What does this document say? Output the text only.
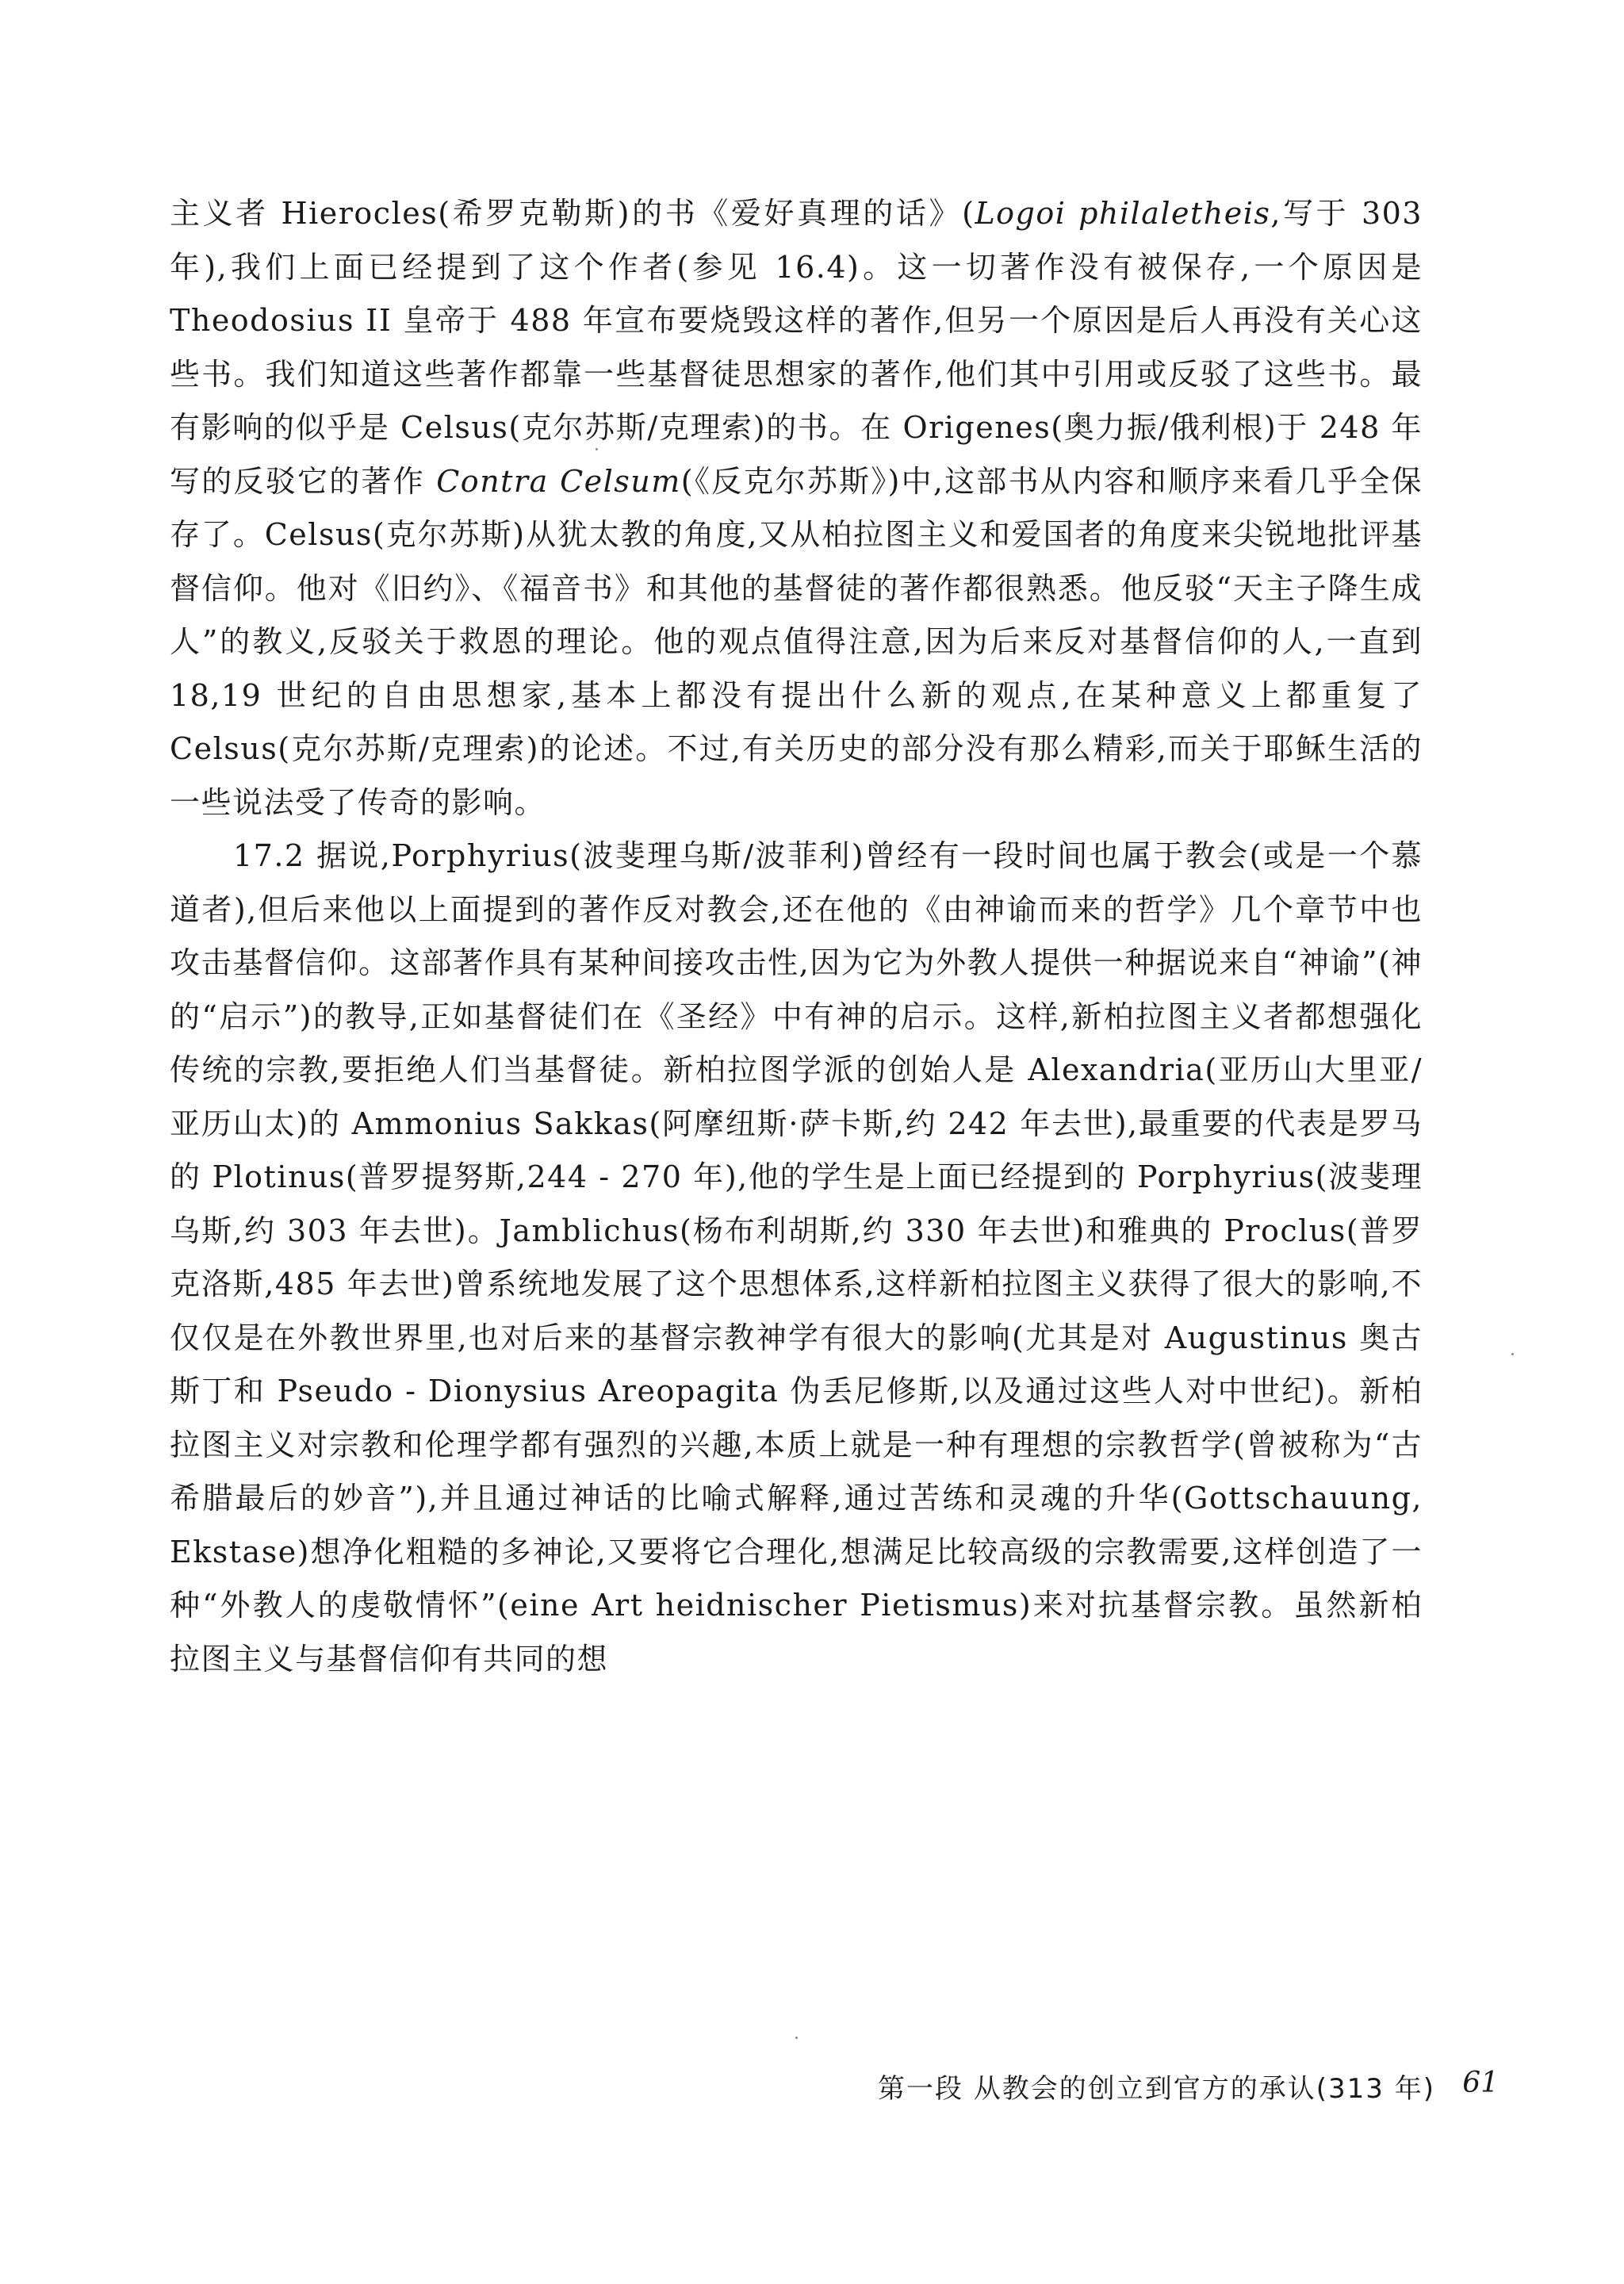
主义者 Hierocles(希罗克勒斯)的书《爱好真理的话》(Logoi philaletheis,写于 303 年),我们上面已经提到了这个作者(参见 16.4)。这一切著作没有被保存,一个原因是 Theodosius II 皇帝于 488 年宣布要烧毁这样的著作,但另一个原因是后人再没有关心这些书。我们知道这些著作都靠一些基督徒思想家的著作,他们其中引用或反驳了这些书。最有影响的似乎是 Celsus(克尔苏斯/克理索)的书。在 Origenes(奥力振/俄利根)于 248 年写的反驳它的著作 Contra Celsum(《反克尔苏斯》)中,这部书从内容和顺序来看几乎全保存了。Celsus(克尔苏斯)从犹太教的角度,又从柏拉图主义和爱国者的角度来尖锐地批评基督信仰。他对《旧约》、《福音书》和其他的基督徒的著作都很熟悉。他反驳“天主子降生成人”的教义,反驳关于救恩的理论。他的观点值得注意,因为后来反对基督信仰的人,一直到 18,19 世纪的自由思想家,基本上都没有提出什么新的观点,在某种意义上都重复了 Celsus(克尔苏斯/克理索)的论述。不过,有关历史的部分没有那么精彩,而关于耶稣生活的一些说法受了传奇的影响。

17.2 据说,Porphyrius(波斐理乌斯/波菲利)曾经有一段时间也属于教会(或是一个慕道者),但后来他以上面提到的著作反对教会,还在他的《由神谕而来的哲学》几个章节中也攻击基督信仰。这部著作具有某种间接攻击性,因为它为外教人提供一种据说来自“神谕”(神的“启示”)的教导,正如基督徒们在《圣经》中有神的启示。这样,新柏拉图主义者都想强化传统的宗教,要拒绝人们当基督徒。新柏拉图学派的创始人是 Alexandria(亚历山大里亚/亚历山太)的 Ammonius Sakkas(阿摩纽斯·萨卡斯,约 242 年去世),最重要的代表是罗马的 Plotinus(普罗提努斯,244 - 270 年),他的学生是上面已经提到的 Porphyrius(波斐理乌斯,约 303 年去世)。Jamblichus(杨布利胡斯,约 330 年去世)和雅典的 Proclus(普罗克洛斯,485 年去世)曾系统地发展了这个思想体系,这样新柏拉图主义获得了很大的影响,不仅仅是在外教世界里,也对后来的基督宗教神学有很大的影响(尤其是对 Augustinus 奥古斯丁和 Pseudo - Dionysius Areopagita 伪丢尼修斯,以及通过这些人对中世纪)。新柏拉图主义对宗教和伦理学都有强烈的兴趣,本质上就是一种有理想的宗教哲学(曾被称为“古希腊最后的妙音”),并且通过神话的比喻式解释,通过苦练和灵魂的升华(Gottschauung, Ekstase)想净化粗糙的多神论,又要将它合理化,想满足比较高级的宗教需要,这样创造了一种“外教人的虔敬情怀”(eine Art heidnischer Pietismus)来对抗基督宗教。虽然新柏拉图主义与基督信仰有共同的想

第一段 从教会的创立到官方的承认(313 年) 61
